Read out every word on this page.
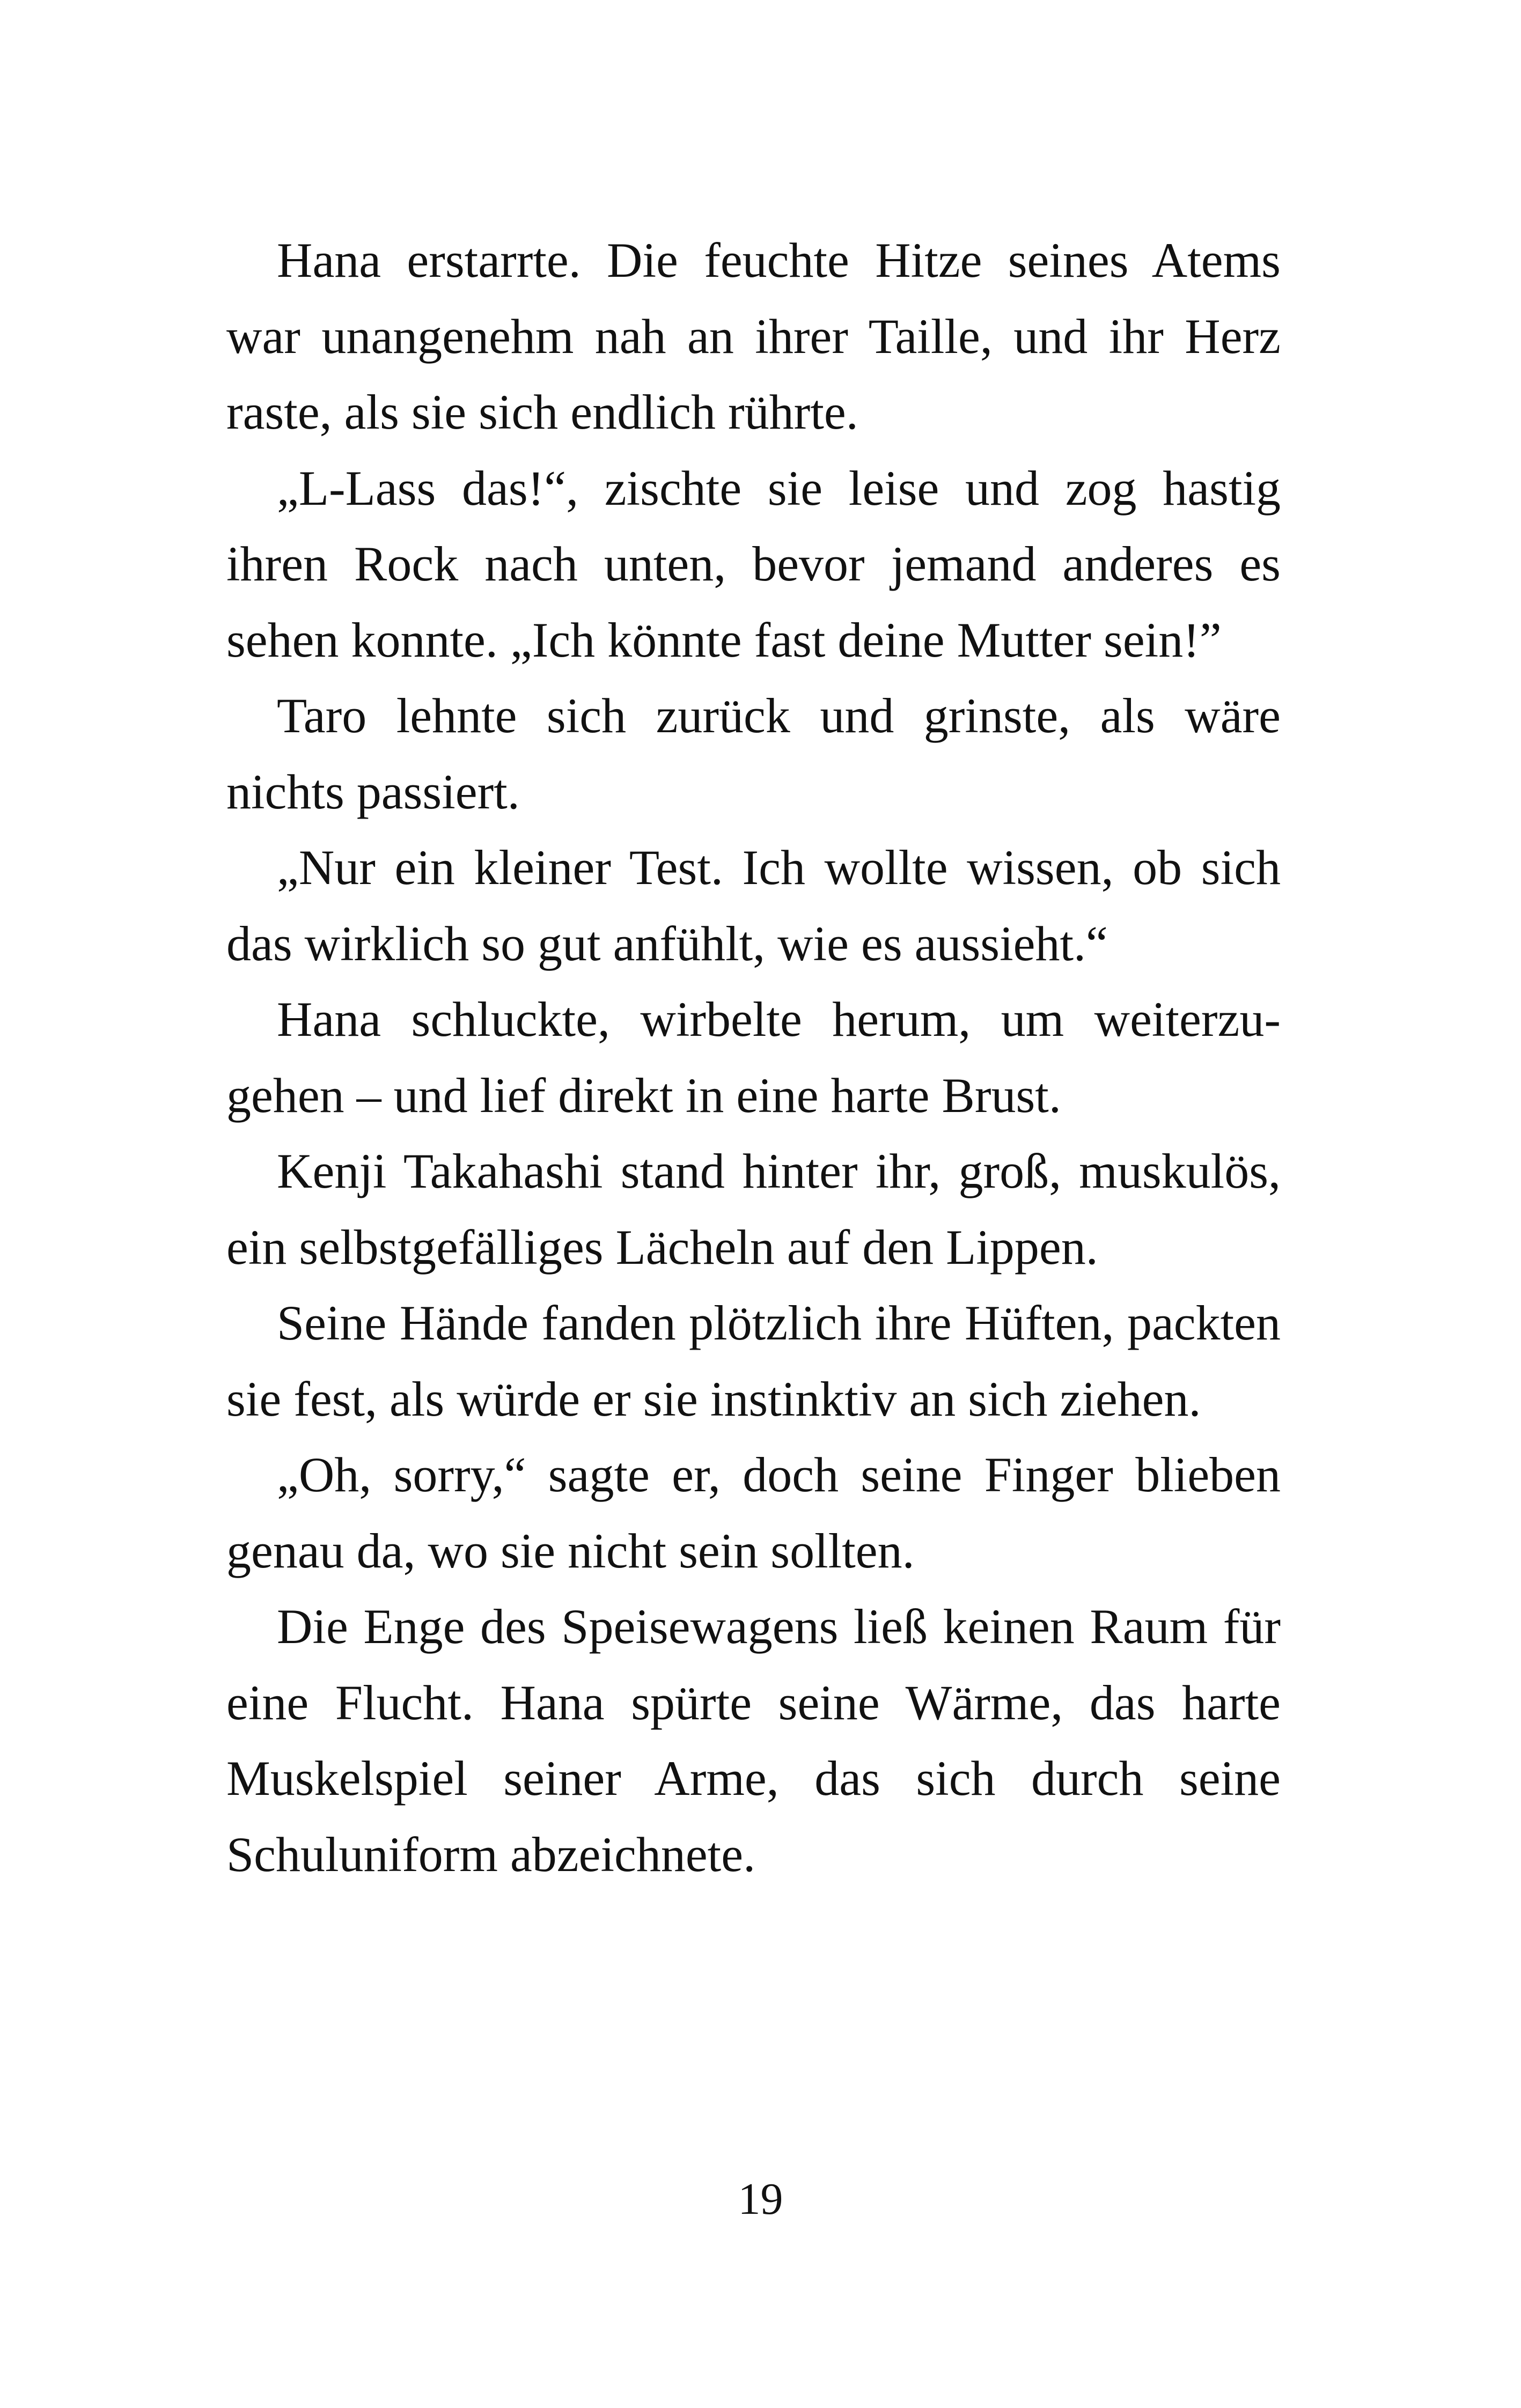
Hana erstarrte. Die feuchte Hitze seines Atems war unangenehm nah an ihrer Taille, und ihr Herz raste, als sie sich endlich rührte.

„L-Lass das!“, zischte sie leise und zog hastig ihren Rock nach unten, bevor jemand anderes es sehen konnte. „Ich könnte fast deine Mutter sein!”

Taro lehnte sich zurück und grinste, als wäre nichts passiert.

„Nur ein kleiner Test. Ich wollte wissen, ob sich das wirklich so gut anfühlt, wie es aussieht.“

Hana schluckte, wirbelte herum, um weiterzugehen – und lief direkt in eine harte Brust.

Kenji Takahashi stand hinter ihr, groß, muskulös, ein selbstgefälliges Lächeln auf den Lippen.

Seine Hände fanden plötzlich ihre Hüften, packten sie fest, als würde er sie instinktiv an sich ziehen.

„Oh, sorry,“ sagte er, doch seine Finger blieben genau da, wo sie nicht sein sollten.

Die Enge des Speisewagens ließ keinen Raum für eine Flucht. Hana spürte seine Wärme, das harte Muskelspiel seiner Arme, das sich durch seine Schuluniform abzeichnete.

19
